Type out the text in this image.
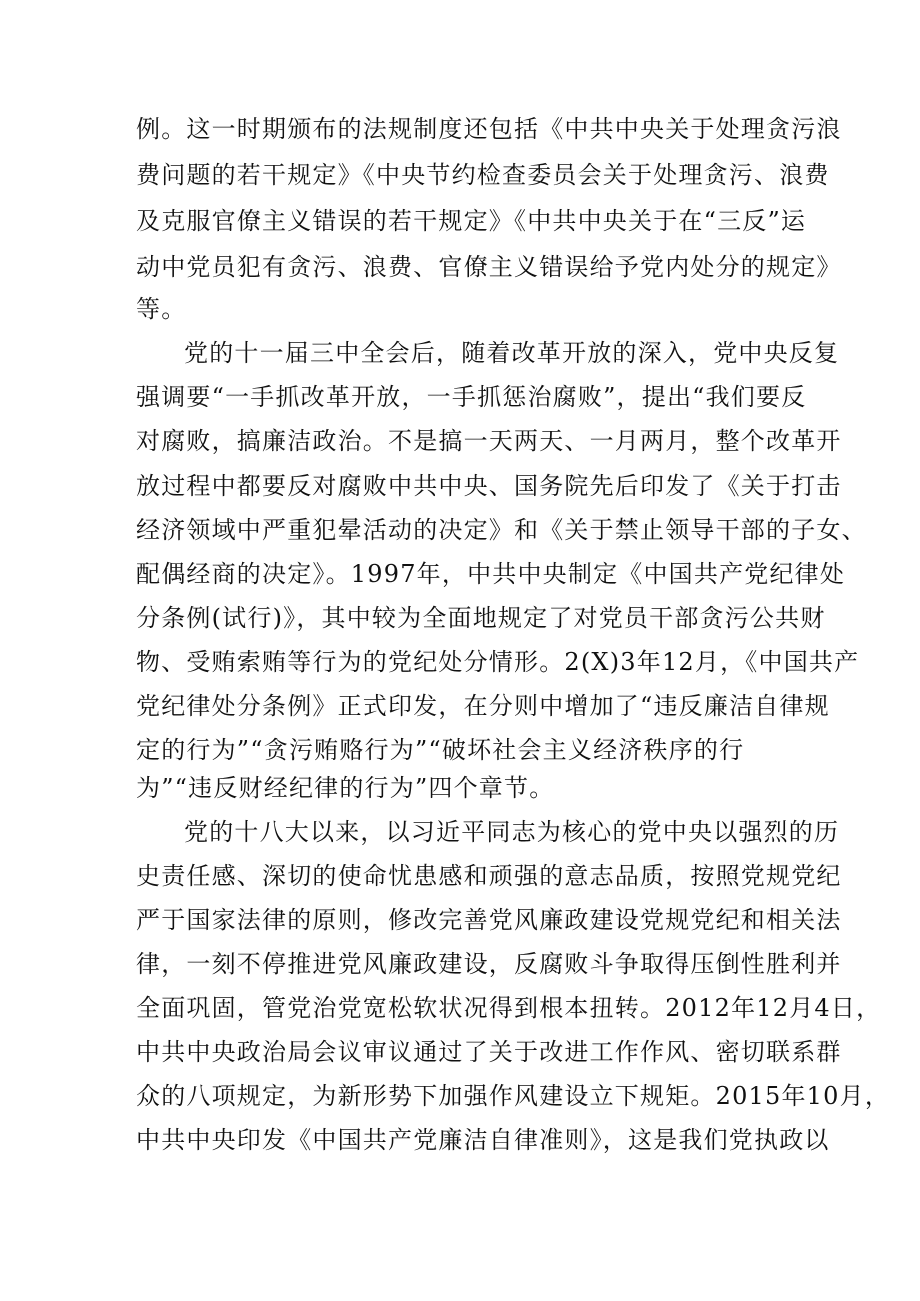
例。这一时期颁布的法规制度还包括《中共中央关于处理贪污浪
费问题的若干规定》《中央节约检查委员会关于处理贪污、浪费
及克服官僚主义错误的若干规定》《中共中央关于在“三反”运
动中党员犯有贪污、浪费、官僚主义错误给予党内处分的规定》
等。
党的十一届三中全会后，随着改革开放的深入，党中央反复
强调要“一手抓改革开放，一手抓惩治腐败”，提出“我们要反
对腐败，搞廉洁政治。不是搞一天两天、一月两月，整个改革开
放过程中都要反对腐败中共中央、国务院先后印发了《关于打击
经济领域中严重犯晕活动的决定》和《关于禁止领导干部的子女、
配偶经商的决定》。1997年，中共中央制定《中国共产党纪律处
分条例(试行)》，其中较为全面地规定了对党员干部贪污公共财
物、受贿索贿等行为的党纪处分情形。2(X)3年12月，《中国共产
党纪律处分条例》正式印发，在分则中增加了“违反廉洁自律规
定的行为”“贪污贿赂行为”“破坏社会主义经济秩序的行
为”“违反财经纪律的行为”四个章节。
党的十八大以来，以习近平同志为核心的党中央以强烈的历
史责任感、深切的使命忧患感和顽强的意志品质，按照党规党纪
严于国家法律的原则，修改完善党风廉政建设党规党纪和相关法
律，一刻不停推进党风廉政建设，反腐败斗争取得压倒性胜利并
全面巩固，管党治党宽松软状况得到根本扭转。2012年12月4日，
中共中央政治局会议审议通过了关于改进工作作风、密切联系群
众的八项规定，为新形势下加强作风建设立下规矩。2015年10月，
中共中央印发《中国共产党廉洁自律准则》，这是我们党执政以
